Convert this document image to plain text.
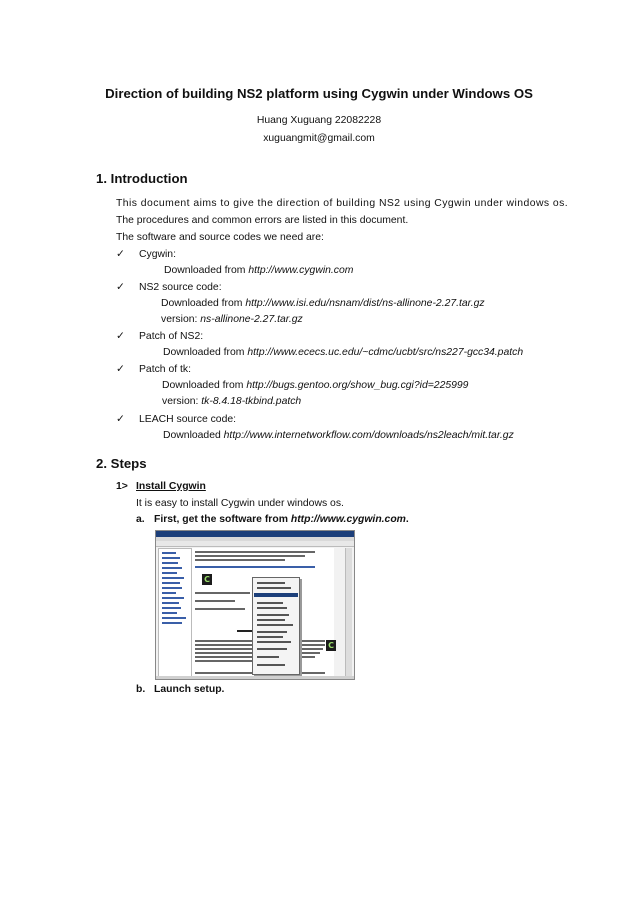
Direction of building NS2 platform using Cygwin under Windows OS
Huang Xuguang 22082228
xuguangmit@gmail.com
1. Introduction
This document aims to give the direction of building NS2 using Cygwin under windows os.
The procedures and common errors are listed in this document.
The software and source codes we need are:
✓ Cygwin:
Downloaded from http://www.cygwin.com
✓ NS2 source code:
Downloaded from http://www.isi.edu/nsnam/dist/ns-allinone-2.27.tar.gz
version: ns-allinone-2.27.tar.gz
✓ Patch of NS2:
Downloaded from http://www.ececs.uc.edu/~cdmc/ucbt/src/ns227-gcc34.patch
✓ Patch of tk:
Downloaded from http://bugs.gentoo.org/show_bug.cgi?id=225999
version: tk-8.4.18-tkbind.patch
✓ LEACH source code:
Downloaded http://www.internetworkflow.com/downloads/ns2leach/mit.tar.gz
2. Steps
1> Install Cygwin
It is easy to install Cygwin under windows os.
a. First, get the software from http://www.cygwin.com.
C
C
b. Launch setup.
